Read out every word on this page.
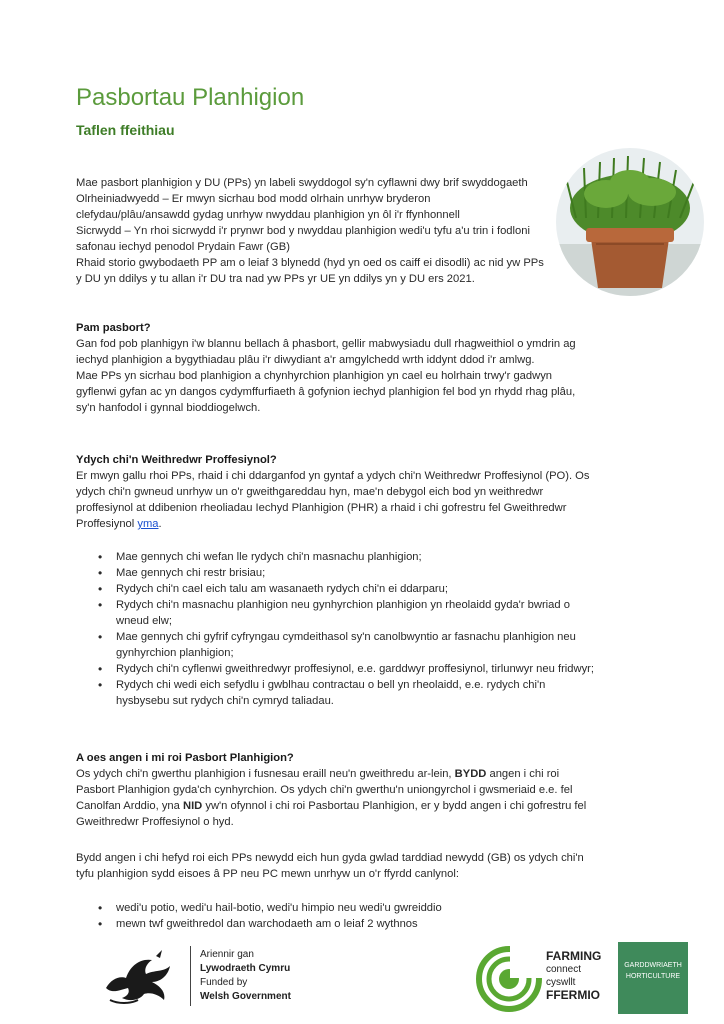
Pasbortau Planhigion
Taflen ffeithiau

Mae pasbort planhigion y DU (PPs) yn labeli swyddogol sy'n cyflawni dwy brif swyddogaeth

Olrheiniadwyedd – Er mwyn sicrhau bod modd olrhain unrhyw bryderon clefydau/plâu/ansawdd gydag unrhyw nwyddau planhigion yn ôl i'r ffynhonnell

Sicrwydd – Yn rhoi sicrwydd i'r prynwr bod y nwyddau planhigion wedi'u tyfu a'u trin i fodloni safonau iechyd penodol Prydain Fawr (GB)

Rhaid storio gwybodaeth PP am o leiaf 3 blynedd (hyd yn oed os caiff ei disodli) ac nid yw PPs y DU yn ddilys y tu allan i'r DU tra nad yw PPs yr UE yn ddilys yn y DU ers 2021.

Pam pasbort?

Gan fod pob planhigyn i'w blannu bellach â phasbort, gellir mabwysiadu dull rhagweithiol o ymdrin ag iechyd planhigion a bygythiadau plâu i'r diwydiant a'r amgylchedd wrth iddynt ddod i'r amlwg.

Mae PPs yn sicrhau bod planhigion a chynhyrchion planhigion yn cael eu holrhain trwy'r gadwyn gyflenwi gyfan ac yn dangos cydymffurfiaeth â gofynion iechyd planhigion fel bod yn rhydd rhag plâu, sy'n hanfodol i gynnal bioddiogelwch.

Ydych chi'n Weithredwr Proffesiynol?

Er mwyn gallu rhoi PPs, rhaid i chi ddarganfod yn gyntaf a ydych chi'n Weithredwr Proffesiynol (PO). Os ydych chi'n gwneud unrhyw un o'r gweithgareddau hyn, mae'n debygol eich bod yn weithredwr proffesiynol at ddibenion rheoliadau Iechyd Planhigion (PHR) a rhaid i chi gofrestru fel Gweithredwr Proffesiynol yma.

• Mae gennych chi wefan lle rydych chi'n masnachu planhigion;
• Mae gennych chi restr brisiau;
• Rydych chi'n cael eich talu am wasanaeth rydych chi'n ei ddarparu;
• Rydych chi'n masnachu planhigion neu gynhyrchion planhigion yn rheolaidd gyda'r bwriad o wneud elw;
• Mae gennych chi gyfrif cyfryngau cymdeithasol sy'n canolbwyntio ar fasnachu planhigion neu gynhyrchion planhigion;
• Rydych chi'n cyflenwi gweithredwyr proffesiynol, e.e. garddwyr proffesiynol, tirlunwyr neu fridwyr;
• Rydych chi wedi eich sefydlu i gwblhau contractau o bell yn rheolaidd, e.e. rydych chi'n hysbysebu sut rydych chi'n cymryd taliadau.

A oes angen i mi roi Pasbort Planhigion?

Os ydych chi'n gwerthu planhigion i fusnesau eraill neu'n gweithredu ar-lein, BYDD angen i chi roi Pasbort Planhigion gyda'ch cynhyrchion. Os ydych chi'n gwerthu'n uniongyrchol i gwsmeriaid e.e. fel Canolfan Arddio, yna NID yw'n ofynnol i chi roi Pasbortau Planhigion, er y bydd angen i chi gofrestru fel Gweithredwr Proffesiynol o hyd.

Bydd angen i chi hefyd roi eich PPs newydd eich hun gyda gwlad tarddiad newydd (GB) os ydych chi'n tyfu planhigion sydd eisoes â PP neu PC mewn unrhyw un o'r ffyrdd canlynol:

• wedi'u potio, wedi'u hail-botio, wedi'u himpio neu wedi'u gwreiddio
• mewn twf gweithredol dan warchodaeth am o leiaf 2 wythnos
Ariennir gan
Lywodraeth Cymru
Funded by
Welsh Government
FARMING
connect
cyswllt
FFERMIO
GARDDWRIAETH
HORTICULTURE
